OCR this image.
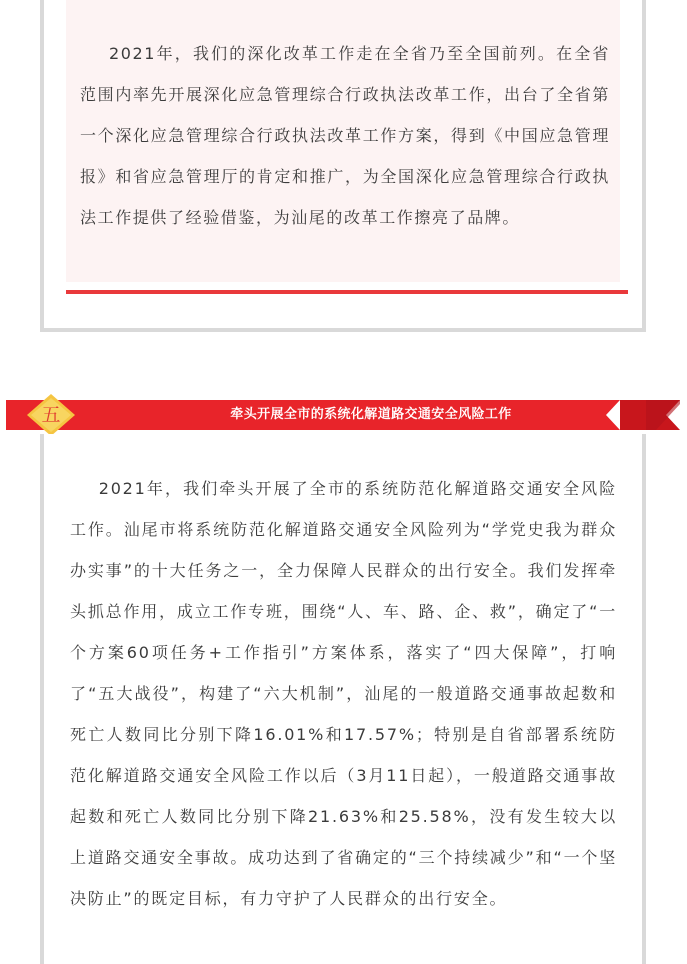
2021年，我们的深化改革工作走在全省乃至全国前列。在全省范围内率先开展深化应急管理综合行政执法改革工作，出台了全省第一个深化应急管理综合行政执法改革工作方案，得到《中国应急管理报》和省应急管理厅的肯定和推广，为全国深化应急管理综合行政执法工作提供了经验借鉴，为汕尾的改革工作擦亮了品牌。

牵头开展全市的系统化解道路交通安全风险工作
五

2021年，我们牵头开展了全市的系统防范化解道路交通安全风险工作。汕尾市将系统防范化解道路交通安全风险列为“学党史我为群众办实事”的十大任务之一，全力保障人民群众的出行安全。我们发挥牵头抓总作用，成立工作专班，围绕“人、车、路、企、救”，确定了“一个方案60项任务+工作指引”方案体系，落实了“四大保障”，打响了“五大战役”，构建了“六大机制”，汕尾的一般道路交通事故起数和死亡人数同比分别下降16.01%和17.57%；特别是自省部署系统防范化解道路交通安全风险工作以后（3月11日起），一般道路交通事故起数和死亡人数同比分别下降21.63%和25.58%，没有发生较大以上道路交通安全事故。成功达到了省确定的“三个持续减少”和“一个坚决防止”的既定目标，有力守护了人民群众的出行安全。
